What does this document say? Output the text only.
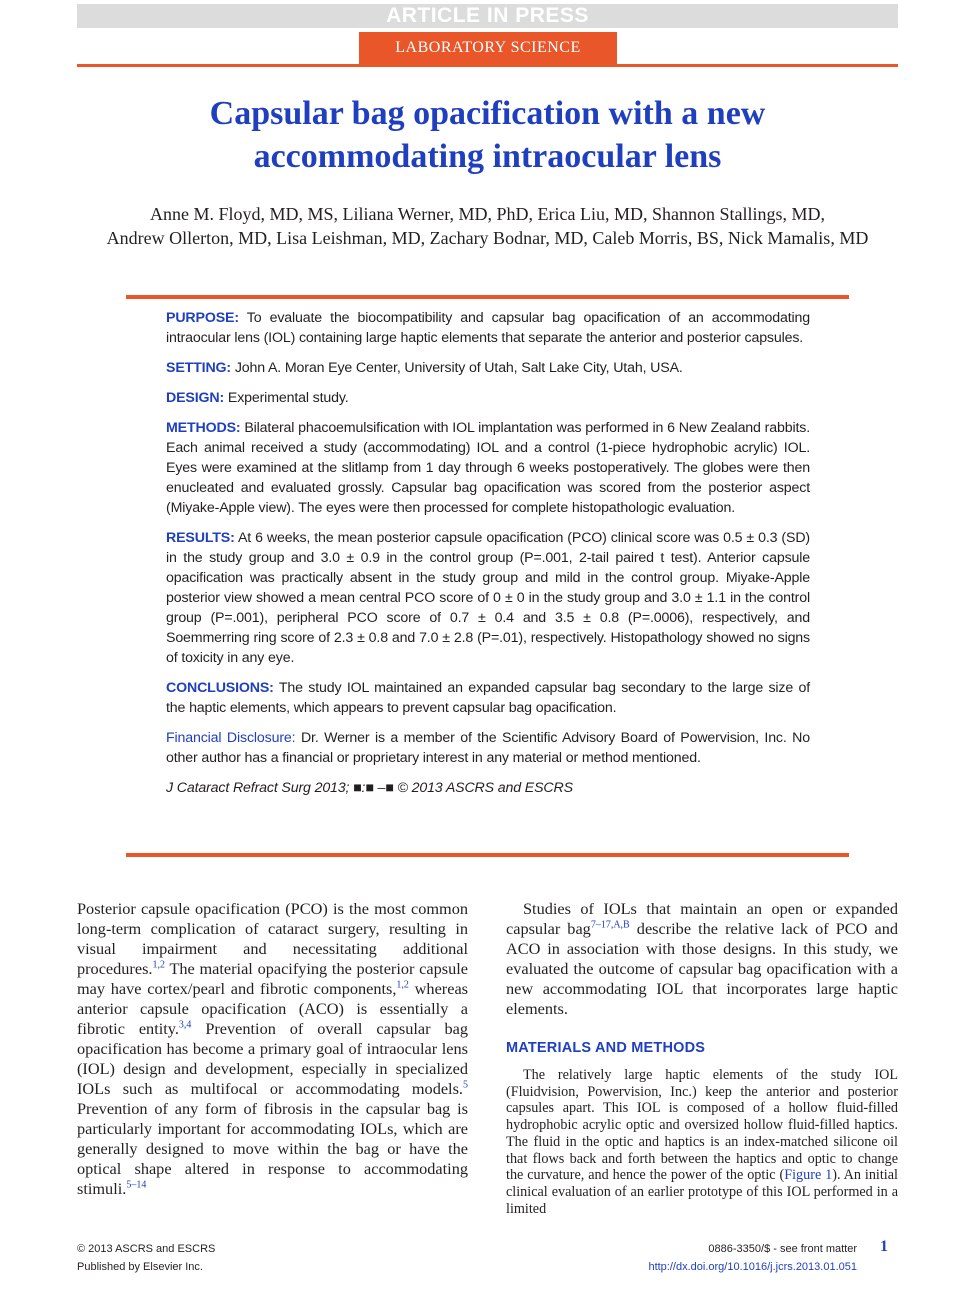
ARTICLE IN PRESS
LABORATORY SCIENCE
Capsular bag opacification with a new
accommodating intraocular lens
Anne M. Floyd, MD, MS, Liliana Werner, MD, PhD, Erica Liu, MD, Shannon Stallings, MD,
Andrew Ollerton, MD, Lisa Leishman, MD, Zachary Bodnar, MD, Caleb Morris, BS, Nick Mamalis, MD

PURPOSE: To evaluate the biocompatibility and capsular bag opacification of an accommodating intraocular lens (IOL) containing large haptic elements that separate the anterior and posterior capsules.

SETTING: John A. Moran Eye Center, University of Utah, Salt Lake City, Utah, USA.

DESIGN: Experimental study.

METHODS: Bilateral phacoemulsification with IOL implantation was performed in 6 New Zealand rabbits. Each animal received a study (accommodating) IOL and a control (1-piece hydrophobic acrylic) IOL. Eyes were examined at the slitlamp from 1 day through 6 weeks postoperatively. The globes were then enucleated and evaluated grossly. Capsular bag opacification was scored from the posterior aspect (Miyake-Apple view). The eyes were then processed for complete histopathologic evaluation.

RESULTS: At 6 weeks, the mean posterior capsule opacification (PCO) clinical score was 0.5 ± 0.3 (SD) in the study group and 3.0 ± 0.9 in the control group (P=.001, 2-tail paired t test). Anterior capsule opacification was practically absent in the study group and mild in the control group. Miyake-Apple posterior view showed a mean central PCO score of 0 ± 0 in the study group and 3.0 ± 1.1 in the control group (P=.001), peripheral PCO score of 0.7 ± 0.4 and 3.5 ± 0.8 (P=.0006), respectively, and Soemmerring ring score of 2.3 ± 0.8 and 7.0 ± 2.8 (P=.01), respectively. Histopathology showed no signs of toxicity in any eye.

CONCLUSIONS: The study IOL maintained an expanded capsular bag secondary to the large size of the haptic elements, which appears to prevent capsular bag opacification.

Financial Disclosure: Dr. Werner is a member of the Scientific Advisory Board of Powervision, Inc. No other author has a financial or proprietary interest in any material or method mentioned.

J Cataract Refract Surg 2013; ■:■ –■ © 2013 ASCRS and ESCRS

Posterior capsule opacification (PCO) is the most common long-term complication of cataract surgery, resulting in visual impairment and necessitating additional procedures.$^{1,2}$ The material opacifying the posterior capsule may have cortex/pearl and fibrotic components,$^{1,2}$ whereas anterior capsule opacification (ACO) is essentially a fibrotic entity.$^{3,4}$ Prevention of overall capsular bag opacification has become a primary goal of intraocular lens (IOL) design and development, especially in specialized IOLs such as multifocal or accommodating models.$^5$ Prevention of any form of fibrosis in the capsular bag is particularly important for accommodating IOLs, which are generally designed to move within the bag or have the optical shape altered in response to accommodating stimuli.$^{5-14}$
Studies of IOLs that maintain an open or expanded capsular bag$^{7-17,A,B}$ describe the relative lack of PCO and ACO in association with those designs. In this study, we evaluated the outcome of capsular bag opacification with a new accommodating IOL that incorporates large haptic elements.
MATERIALS AND METHODS
The relatively large haptic elements of the study IOL (Fluidvision, Powervision, Inc.) keep the anterior and posterior capsules apart. This IOL is composed of a hollow fluid-filled hydrophobic acrylic optic and oversized hollow fluid-filled haptics. The fluid in the optic and haptics is an index-matched silicone oil that flows back and forth between the haptics and optic to change the curvature, and hence the power of the optic (Figure 1). An initial clinical evaluation of an earlier prototype of this IOL performed in a limited
© 2013 ASCRS and ESCRS
Published by Elsevier Inc.
0886-3350/$ - see front matter
http://dx.doi.org/10.1016/j.jcrs.2013.01.051
1
